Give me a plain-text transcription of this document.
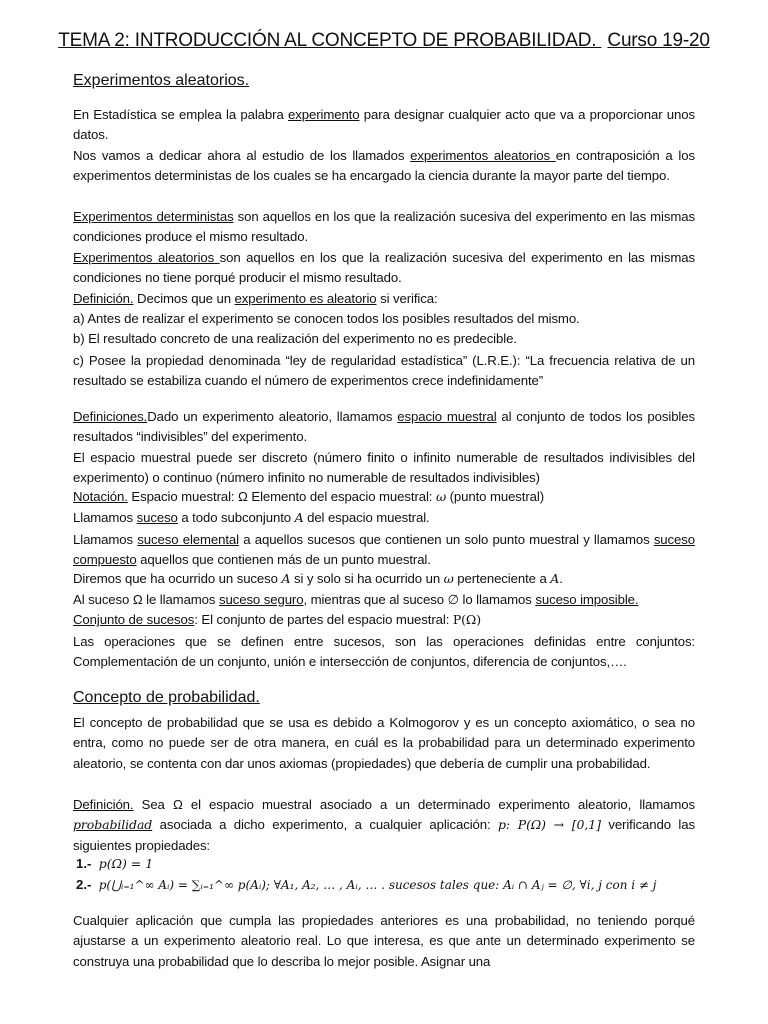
TEMA 2: INTRODUCCIÓN AL CONCEPTO DE PROBABILIDAD. Curso 19-20
Experimentos aleatorios.
En Estadística se emplea la palabra experimento para designar cualquier acto que va a proporcionar unos datos.
Nos vamos a dedicar ahora al estudio de los llamados experimentos aleatorios en contraposición a los experimentos deterministas de los cuales se ha encargado la ciencia durante la mayor parte del tiempo.
Experimentos deterministas son aquellos en los que la realización sucesiva del experimento en las mismas condiciones produce el mismo resultado.
Experimentos aleatorios son aquellos en los que la realización sucesiva del experimento en las mismas condiciones no tiene porqué producir el mismo resultado.
Definición. Decimos que un experimento es aleatorio si verifica:
a) Antes de realizar el experimento se conocen todos los posibles resultados del mismo.
b) El resultado concreto de una realización del experimento no es predecible.
c) Posee la propiedad denominada “ley de regularidad estadística” (L.R.E.): “La frecuencia relativa de un resultado se estabiliza cuando el número de experimentos crece indefinidamente”
Definiciones.Dado un experimento aleatorio, llamamos espacio muestral al conjunto de todos los posibles resultados “indivisibles” del experimento.
El espacio muestral puede ser discreto (número finito o infinito numerable de resultados indivisibles del experimento) o continuo (número infinito no numerable de resultados indivisibles)
Notación. Espacio muestral: Ω Elemento del espacio muestral: ω (punto muestral)
Llamamos suceso a todo subconjunto A del espacio muestral.
Llamamos suceso elemental a aquellos sucesos que contienen un solo punto muestral y llamamos suceso compuesto aquellos que contienen más de un punto muestral.
Diremos que ha ocurrido un suceso A si y solo si ha ocurrido un ω perteneciente a A.
Al suceso Ω le llamamos suceso seguro, mientras que al suceso ∅ lo llamamos suceso imposible.
Conjunto de sucesos: El conjunto de partes del espacio muestral: P(Ω)
Las operaciones que se definen entre sucesos, son las operaciones definidas entre conjuntos: Complementación de un conjunto, unión e intersección de conjuntos, diferencia de conjuntos,….
Concepto de probabilidad.
El concepto de probabilidad que se usa es debido a Kolmogorov y es un concepto axiomático, o sea no entra, como no puede ser de otra manera, en cuál es la probabilidad para un determinado experimento aleatorio, se contenta con dar unos axiomas (propiedades) que debería de cumplir una probabilidad.
Definición. Sea Ω el espacio muestral asociado a un determinado experimento aleatorio, llamamos probabilidad asociada a dicho experimento, a cualquier aplicación: p: P(Ω) → [0,1] verificando las siguientes propiedades:
1.- p(Ω) = 1
2.- p(⋃ᵢ₌₁^∞ Aᵢ) = ∑ᵢ₌₁^∞ p(Aᵢ); ∀A₁, A₂, … , Aᵢ, … . sucesos tales que: Aᵢ ∩ Aⱼ = ∅, ∀i, j con i ≠ j
Cualquier aplicación que cumpla las propiedades anteriores es una probabilidad, no teniendo porqué ajustarse a un experimento aleatorio real. Lo que interesa, es que ante un determinado experimento se construya una probabilidad que lo describa lo mejor posible. Asignar una
